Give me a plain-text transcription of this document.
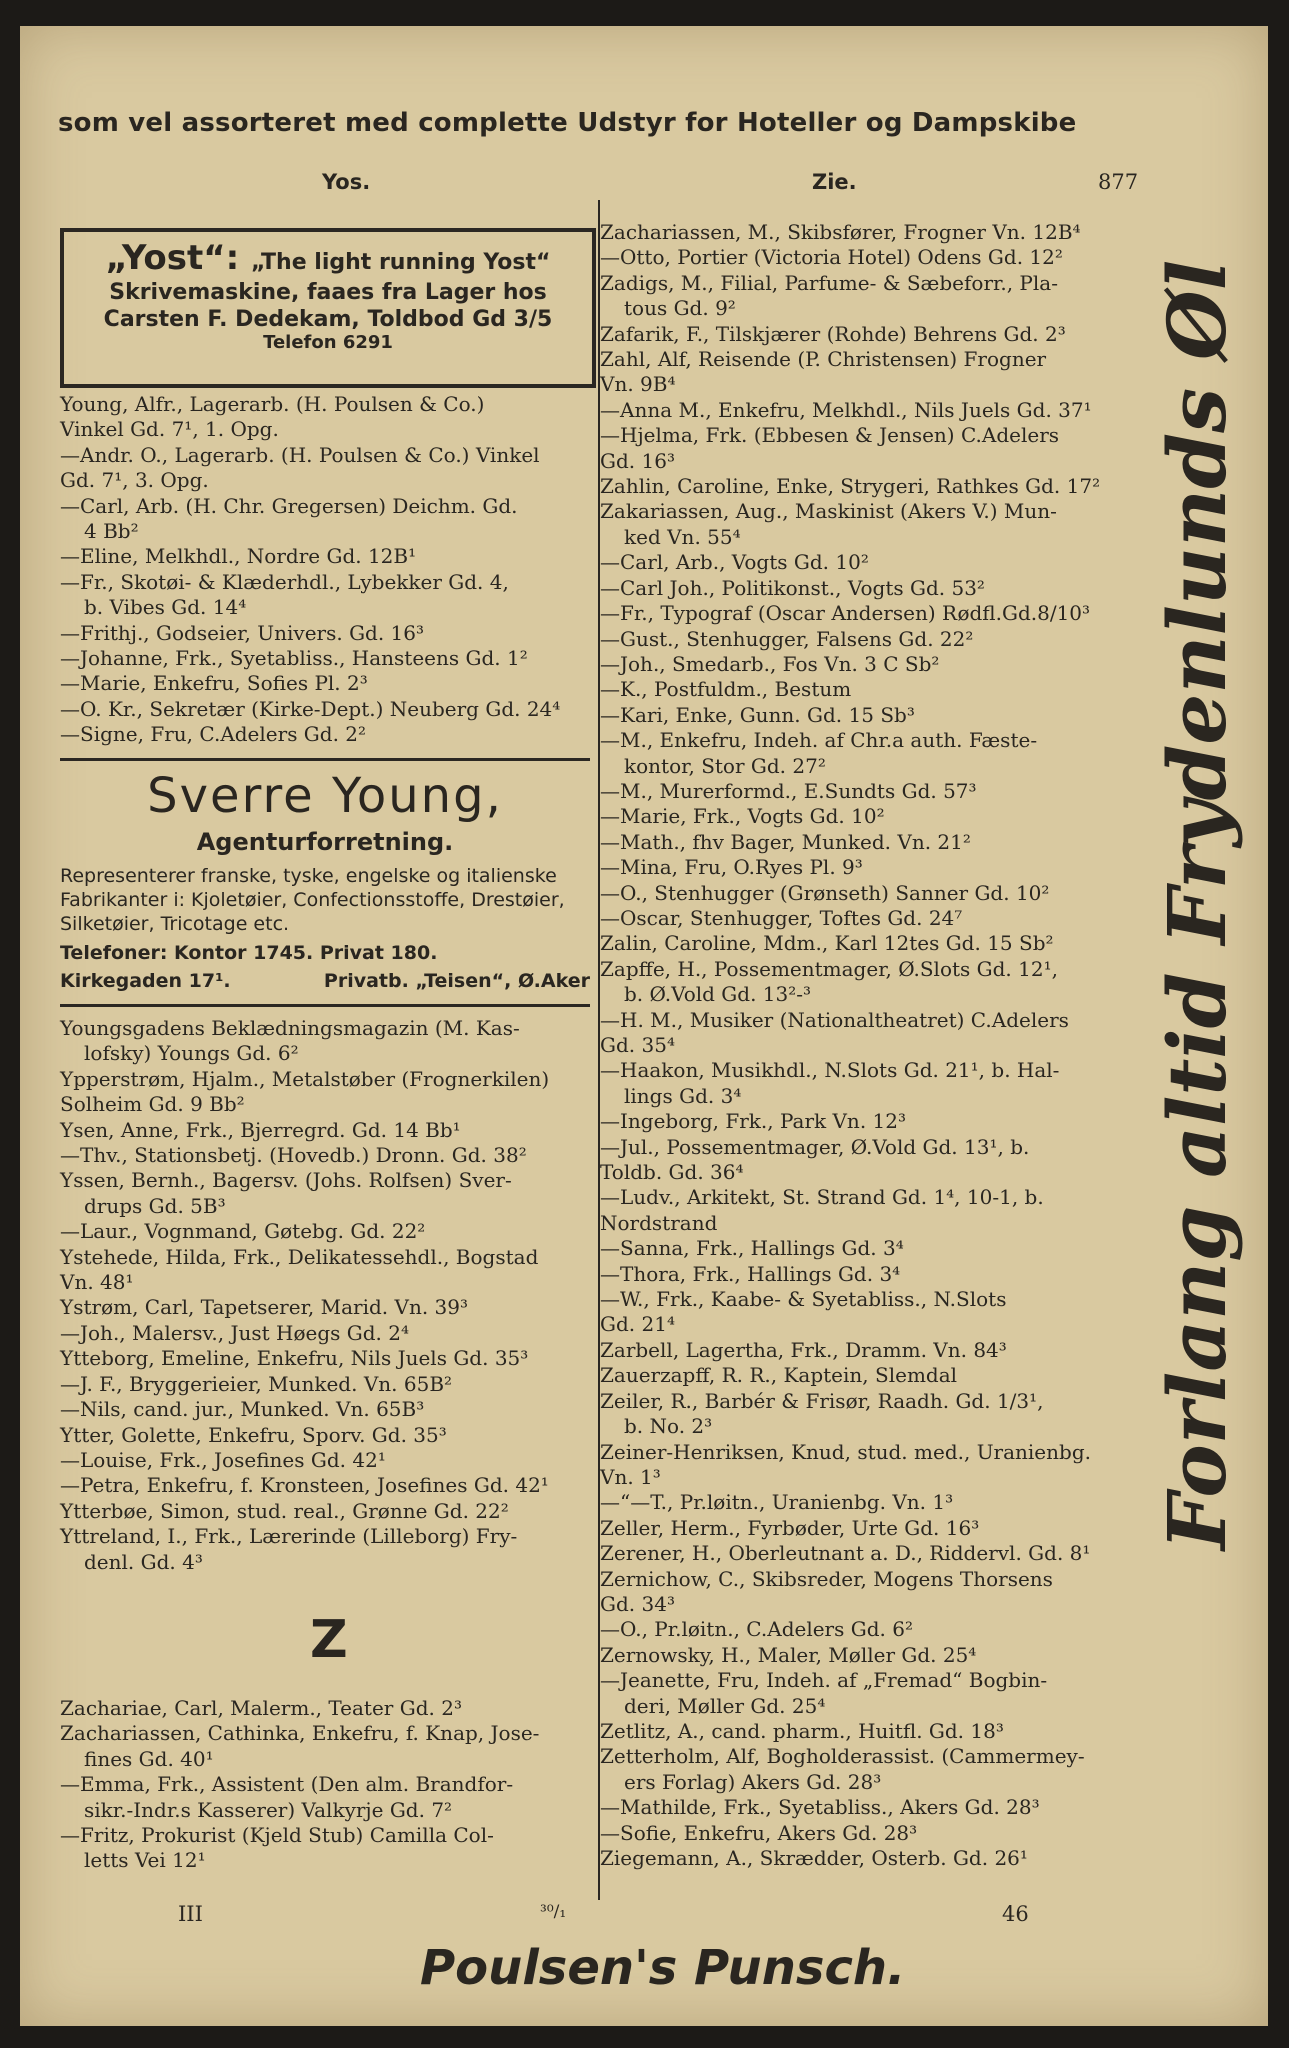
som vel assorteret med complette Udstyr for Hoteller og Dampskibe
Yos.	Zie.	877
„Yost“: „The light running Yost“
Skrivemaskine, faaes fra Lager hos
Carsten F. Dedekam, Toldbod Gd 3/5
Telefon 6291
Young, Alfr., Lagerarb. (H. Poulsen & Co.)
Vinkel Gd. 7¹, 1. Opg.
—Andr. O., Lagerarb. (H. Poulsen & Co.) Vinkel
Gd. 7¹, 3. Opg.
—Carl, Arb. (H. Chr. Gregersen) Deichm. Gd.
4 Bb²
—Eline, Melkhdl., Nordre Gd. 12B¹
—Fr., Skotøi- & Klæderhdl., Lybekker Gd. 4,
b. Vibes Gd. 14⁴
—Frithj., Godseier, Univers. Gd. 16³
—Johanne, Frk., Syetabliss., Hansteens Gd. 1²
—Marie, Enkefru, Sofies Pl. 2³
—O. Kr., Sekretær (Kirke-Dept.) Neuberg Gd. 24⁴
—Signe, Fru, C.Adelers Gd. 2²
Sverre Young,
Agenturforretning.
Representerer franske, tyske, engelske og italienske Fabrikanter i: Kjoletøier, Confectionsstoffe, Drestøier, Silketøier, Tricotage etc.
Telefoner: Kontor 1745. Privat 180.
Kirkegaden 17¹.	Privatb. „Teisen“, Ø.Aker
Youngsgadens Beklædningsmagazin (M. Kas-
lofsky) Youngs Gd. 6²
Ypperstrøm, Hjalm., Metalstøber (Frognerkilen)
Solheim Gd. 9 Bb²
Ysen, Anne, Frk., Bjerregrd. Gd. 14 Bb¹
—Thv., Stationsbetj. (Hovedb.) Dronn. Gd. 38²
Yssen, Bernh., Bagersv. (Johs. Rolfsen) Sver-
drups Gd. 5B³
—Laur., Vognmand, Gøtebg. Gd. 22²
Ystehede, Hilda, Frk., Delikatessehdl., Bogstad
Vn. 48¹
Ystrøm, Carl, Tapetserer, Marid. Vn. 39³
—Joh., Malersv., Just Høegs Gd. 2⁴
Ytteborg, Emeline, Enkefru, Nils Juels Gd. 35³
—J. F., Bryggerieier, Munked. Vn. 65B²
—Nils, cand. jur., Munked. Vn. 65B³
Ytter, Golette, Enkefru, Sporv. Gd. 35³
—Louise, Frk., Josefines Gd. 42¹
—Petra, Enkefru, f. Kronsteen, Josefines Gd. 42¹
Ytterbøe, Simon, stud. real., Grønne Gd. 22²
Yttreland, I., Frk., Lærerinde (Lilleborg) Fry-
denl. Gd. 4³
Z
Zachariae, Carl, Malerm., Teater Gd. 2³
Zachariassen, Cathinka, Enkefru, f. Knap, Jose-
fines Gd. 40¹
—Emma, Frk., Assistent (Den alm. Brandfor-
sikr.-Indr.s Kasserer) Valkyrje Gd. 7²
—Fritz, Prokurist (Kjeld Stub) Camilla Col-
letts Vei 12¹
Zachariassen, M., Skibsfører, Frogner Vn. 12B⁴
—Otto, Portier (Victoria Hotel) Odens Gd. 12²
Zadigs, M., Filial, Parfume- & Sæbeforr., Pla-
tous Gd. 9²
Zafarik, F., Tilskjærer (Rohde) Behrens Gd. 2³
Zahl, Alf, Reisende (P. Christensen) Frogner
Vn. 9B⁴
—Anna M., Enkefru, Melkhdl., Nils Juels Gd. 37¹
—Hjelma, Frk. (Ebbesen & Jensen) C.Adelers
Gd. 16³
Zahlin, Caroline, Enke, Strygeri, Rathkes Gd. 17²
Zakariassen, Aug., Maskinist (Akers V.) Mun-
ked Vn. 55⁴
—Carl, Arb., Vogts Gd. 10²
—Carl Joh., Politikonst., Vogts Gd. 53²
—Fr., Typograf (Oscar Andersen) Rødfl.Gd.8/10³
—Gust., Stenhugger, Falsens Gd. 22²
—Joh., Smedarb., Fos Vn. 3 C Sb²
—K., Postfuldm., Bestum
—Kari, Enke, Gunn. Gd. 15 Sb³
—M., Enkefru, Indeh. af Chr.a auth. Fæste-
kontor, Stor Gd. 27²
—M., Murerformd., E.Sundts Gd. 57³
—Marie, Frk., Vogts Gd. 10²
—Math., fhv Bager, Munked. Vn. 21²
—Mina, Fru, O.Ryes Pl. 9³
—O., Stenhugger (Grønseth) Sanner Gd. 10²
—Oscar, Stenhugger, Toftes Gd. 24⁷
Zalin, Caroline, Mdm., Karl 12tes Gd. 15 Sb²
Zapffe, H., Possementmager, Ø.Slots Gd. 12¹,
b. Ø.Vold Gd. 13²-³
—H. M., Musiker (Nationaltheatret) C.Adelers
Gd. 35⁴
—Haakon, Musikhdl., N.Slots Gd. 21¹, b. Hal-
lings Gd. 3⁴
—Ingeborg, Frk., Park Vn. 12³
—Jul., Possementmager, Ø.Vold Gd. 13¹, b.
Toldb. Gd. 36⁴
—Ludv., Arkitekt, St. Strand Gd. 1⁴, 10-1, b.
Nordstrand
—Sanna, Frk., Hallings Gd. 3⁴
—Thora, Frk., Hallings Gd. 3⁴
—W., Frk., Kaabe- & Syetabliss., N.Slots
Gd. 21⁴
Zarbell, Lagertha, Frk., Dramm. Vn. 84³
Zauerzapff, R. R., Kaptein, Slemdal
Zeiler, R., Barbér & Frisør, Raadh. Gd. 1/3¹,
b. No. 2³
Zeiner-Henriksen, Knud, stud. med., Uranienbg.
Vn. 1³
—“—T., Pr.løitn., Uranienbg. Vn. 1³
Zeller, Herm., Fyrbøder, Urte Gd. 16³
Zerener, H., Oberleutnant a. D., Riddervl. Gd. 8¹
Zernichow, C., Skibsreder, Mogens Thorsens
Gd. 34³
—O., Pr.løitn., C.Adelers Gd. 6²
Zernowsky, H., Maler, Møller Gd. 25⁴
—Jeanette, Fru, Indeh. af „Fremad“ Bogbin-
deri, Møller Gd. 25⁴
Zetlitz, A., cand. pharm., Huitfl. Gd. 18³
Zetterholm, Alf, Bogholderassist. (Cammermey-
ers Forlag) Akers Gd. 28³
—Mathilde, Frk., Syetabliss., Akers Gd. 28³
—Sofie, Enkefru, Akers Gd. 28³
Ziegemann, A., Skrædder, Osterb. Gd. 26¹
Forlang altid Frydenlunds Øl
III	³⁰/₁	46
Poulsen's Punsch.
